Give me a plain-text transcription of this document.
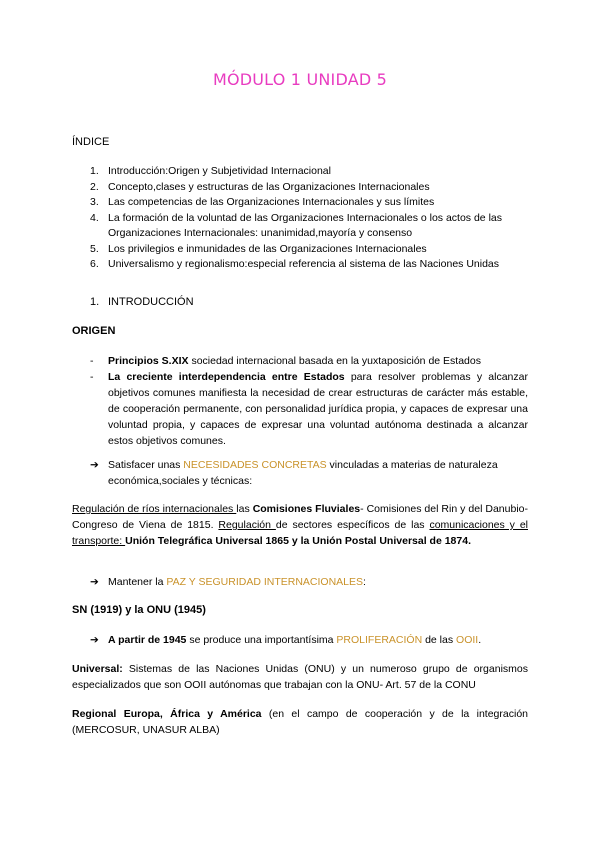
MÓDULO 1 UNIDAD 5
ÍNDICE
1. Introducción:Origen y Subjetividad Internacional
2. Concepto,clases y estructuras de las Organizaciones Internacionales
3. Las competencias de las Organizaciones Internacionales y sus límites
4. La formación de la voluntad de las Organizaciones Internacionales o los actos de las Organizaciones Internacionales: unanimidad,mayoría y consenso
5. Los privilegios e inmunidades de las Organizaciones Internacionales
6. Universalismo y regionalismo:especial referencia al sistema de las Naciones Unidas
1. INTRODUCCIÓN
ORIGEN
- Principios S.XIX sociedad internacional basada en la yuxtaposición de Estados
- La creciente interdependencia entre Estados para resolver problemas y alcanzar objetivos comunes manifiesta la necesidad de crear estructuras de carácter más estable, de cooperación permanente, con personalidad jurídica propia, y capaces de expresar una voluntad propia, y capaces de expresar una voluntad autónoma destinada a alcanzar estos objetivos comunes.
➔ Satisfacer unas NECESIDADES CONCRETAS vinculadas a materias de naturaleza
económica,sociales y técnicas:
Regulación de ríos internacionales las Comisiones Fluviales- Comisiones del Rin y del Danubio- Congreso de Viena de 1815. Regulación de sectores específicos de las comunicaciones y el transporte: Unión Telegráfica Universal 1865 y la Unión Postal Universal de 1874.
➔ Mantener la PAZ Y SEGURIDAD INTERNACIONALES:
SN (1919) y la ONU (1945)
➔ A partir de 1945 se produce una importantísima PROLIFERACIÓN de las OOII.
Universal: Sistemas de las Naciones Unidas (ONU) y un numeroso grupo de organismos especializados que son OOII autónomas que trabajan con la ONU- Art. 57 de la CONU
Regional Europa, África y América (en el campo de cooperación y de la integración (MERCOSUR, UNASUR ALBA)
